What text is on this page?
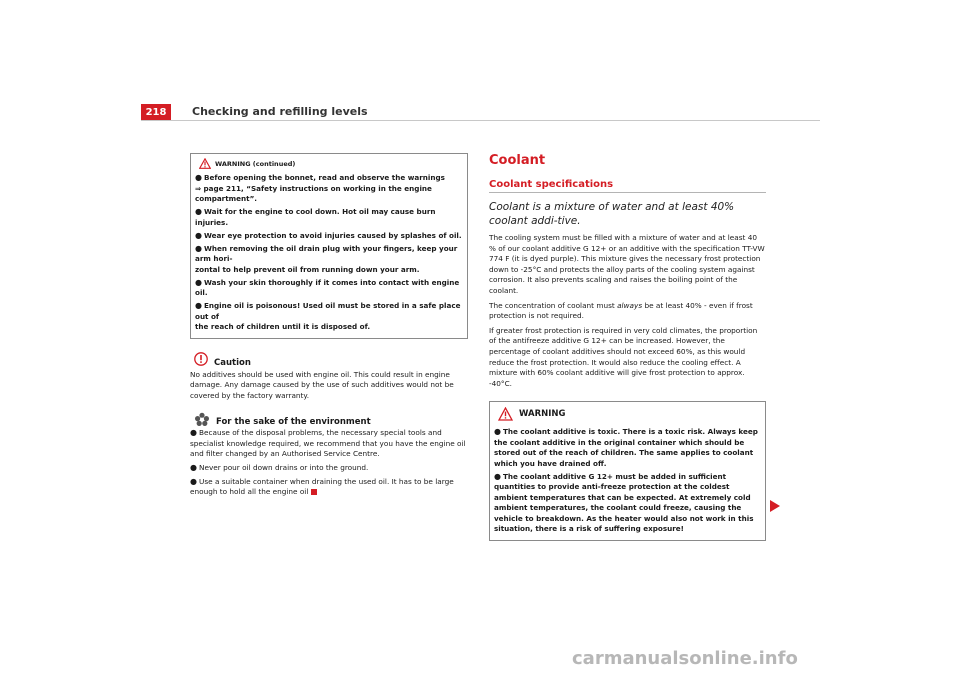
218 Checking and refilling levels
WARNING (continued)
● Before opening the bonnet, read and observe the warnings
⇒ page 211, “Safety instructions on working in the engine compartment”.
● Wait for the engine to cool down. Hot oil may cause burn injuries.
● Wear eye protection to avoid injuries caused by splashes of oil.
● When removing the oil drain plug with your fingers, keep your arm hori-
zontal to help prevent oil from running down your arm.
● Wash your skin thoroughly if it comes into contact with engine oil.
● Engine oil is poisonous! Used oil must be stored in a safe place out of
the reach of children until it is disposed of.
Caution
No additives should be used with engine oil. This could result in engine damage. Any damage caused by the use of such additives would not be covered by the factory warranty.
For the sake of the environment
● Because of the disposal problems, the necessary special tools and specialist knowledge required, we recommend that you have the engine oil and filter changed by an Authorised Service Centre.
● Never pour oil down drains or into the ground.
● Use a suitable container when draining the used oil. It has to be large enough to hold all the engine oil
Coolant
Coolant specifications
Coolant is a mixture of water and at least 40% coolant addi-tive.
The cooling system must be filled with a mixture of water and at least 40 % of our coolant additive G 12+ or an additive with the specification TT-VW 774 F (it is dyed purple). This mixture gives the necessary frost protection down to -25°C and protects the alloy parts of the cooling system against corrosion. It also prevents scaling and raises the boiling point of the coolant.
The concentration of coolant must always be at least 40% - even if frost protection is not required.
If greater frost protection is required in very cold climates, the proportion of the antifreeze additive G 12+ can be increased. However, the percentage of coolant additives should not exceed 60%, as this would reduce the frost protection. It would also reduce the cooling effect. A mixture with 60% coolant additive will give frost protection to approx. -40°C.
WARNING
● The coolant additive is toxic. There is a toxic risk. Always keep the coolant additive in the original container which should be stored out of the reach of children. The same applies to coolant which you have drained off.
● The coolant additive G 12+ must be added in sufficient quantities to provide anti-freeze protection at the coldest ambient temperatures that can be expected. At extremely cold ambient temperatures, the coolant could freeze, causing the vehicle to breakdown. As the heater would also not work in this situation, there is a risk of suffering exposure!
carmanualsonline.info
